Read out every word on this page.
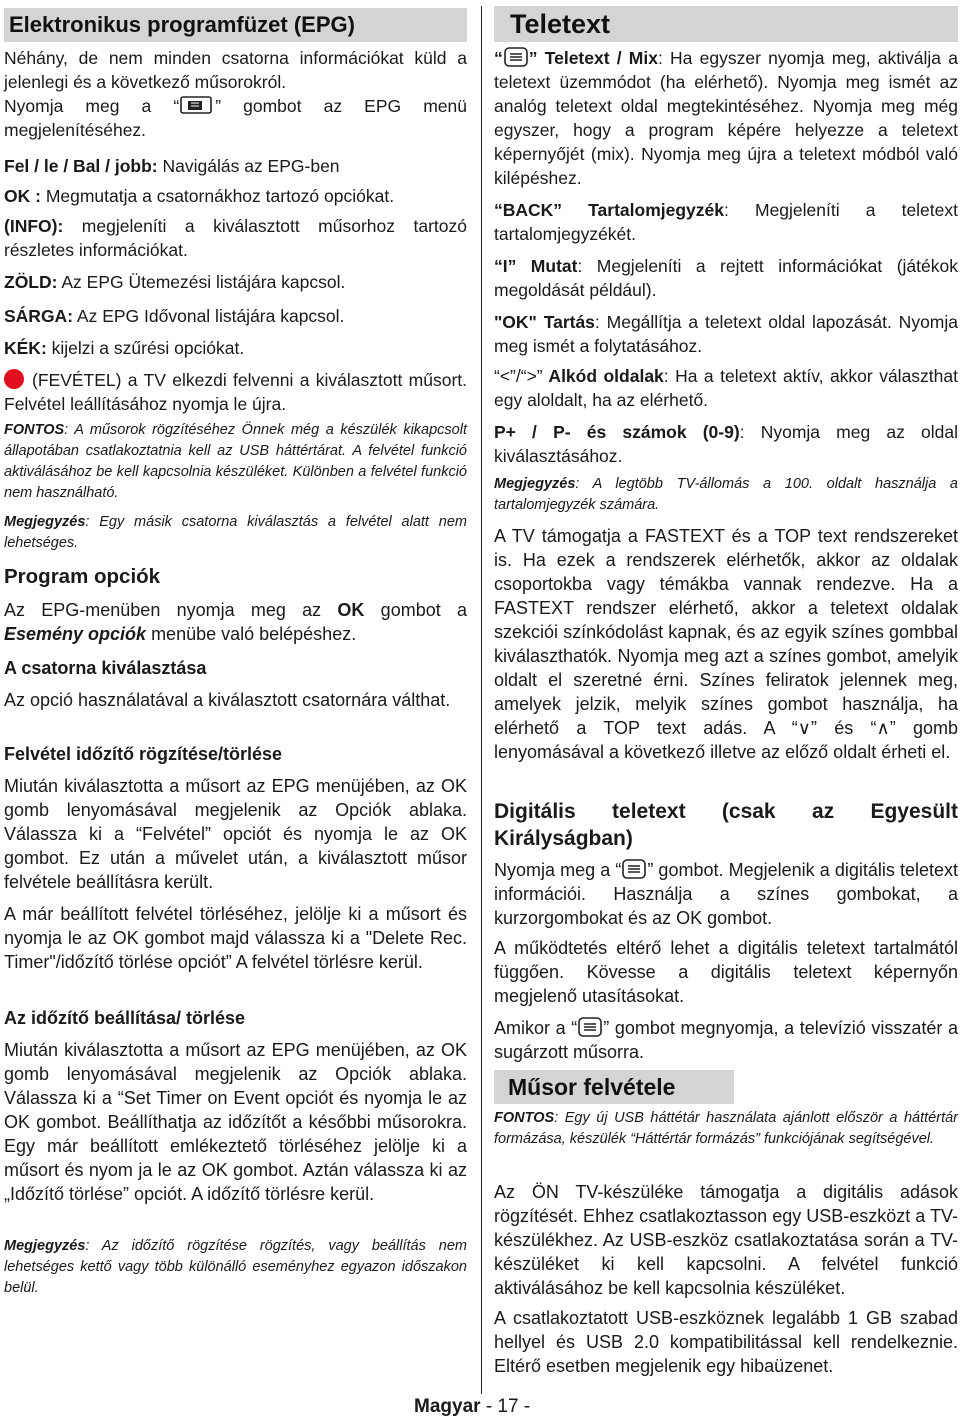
Elektronikus programfüzet (EPG)

Néhány, de nem minden csatorna információkat küld a jelenlegi és a következő műsorokról.

Nyomja meg a “ ” gombot az EPG menü megjelenítéséhez.

Fel / le / Bal / jobb: Navigálás az EPG-ben

OK : Megmutatja a csatornákhoz tartozó opciókat.

(INFO): megjeleníti a kiválasztott műsorhoz tartozó részletes információkat.

ZÖLD: Az EPG Ütemezési listájára kapcsol.

SÁRGA: Az EPG Idővonal listájára kapcsol.

KÉK: kijelzi a szűrési opciókat.

(FEVÉTEL) a TV elkezdi felvenni a kiválasztott műsort. Felvétel leállításához nyomja le újra.

FONTOS: A műsorok rögzítéséhez Önnek még a készülék kikapcsolt állapotában csatlakoztatnia kell az USB háttértárat. A felvétel funkció aktiválásához be kell kapcsolnia készüléket. Különben a felvétel funkció nem használható.

Megjegyzés: Egy másik csatorna kiválasztás a felvétel alatt nem lehetséges.

Program opciók

Az EPG-menüben nyomja meg az OK gombot a Esemény opciók menübe való belépéshez.

A csatorna kiválasztása

Az opció használatával a kiválasztott csatornára válthat.

Felvétel időzítő rögzítése/törlése

Miután kiválasztotta a műsort az EPG menüjében, az OK gomb lenyomásával megjelenik az Opciók ablaka. Válassza ki a “Felvétel” opciót és nyomja le az OK gombot. Ez után a művelet után, a kiválasztott műsor felvétele beállításra került.

A már beállított felvétel törléséhez, jelölje ki a műsort és nyomja le az OK gombot majd válassza ki a "Delete Rec. Timer"/időzítő törlése opciót” A felvétel törlésre kerül.

Az időzítő beállítása/ törlése

Miután kiválasztotta a műsort az EPG menüjében, az OK gomb lenyomásával megjelenik az Opciók ablaka. Válassza ki a “Set Timer on Event opciót és nyomja le az OK gombot. Beállíthatja az időzítőt a későbbi műsorokra. Egy már beállított emlékeztető törléséhez jelölje ki a műsort és nyom ja le az OK gombot. Aztán válassza ki az „Időzítő törlése” opciót. A időzítő törlésre kerül.

Megjegyzés: Az időzítő rögzítése rögzítés, vagy beállítás nem lehetséges kettő vagy több különálló eseményhez egyazon időszakon belül.

Teletext

“ ” Teletext / Mix: Ha egyszer nyomja meg, aktiválja a teletext üzemmódot (ha elérhető). Nyomja meg ismét az analóg teletext oldal megtekintéséhez. Nyomja meg még egyszer, hogy a program képére helyezze a teletext képernyőjét (mix). Nyomja meg újra a teletext módból való kilépéshez.

“BACK” Tartalomjegyzék: Megjeleníti a teletext tartalomjegyzékét.

“I” Mutat: Megjeleníti a rejtett információkat (játékok megoldását például).

"OK" Tartás: Megállítja a teletext oldal lapozását. Nyomja meg ismét a folytatásához.

“<”/“>” Alkód oldalak: Ha a teletext aktív, akkor választhat egy aloldalt, ha az elérhető.

P+ / P- és számok (0-9): Nyomja meg az oldal kiválasztásához.

Megjegyzés: A legtöbb TV-állomás a 100. oldalt használja a tartalomjegyzék számára.

A TV támogatja a FASTEXT és a TOP text rendszereket is. Ha ezek a rendszerek elérhetők, akkor az oldalak csoportokba vagy témákba vannak rendezve. Ha a FASTEXT rendszer elérhető, akkor a teletext oldalak szekciói színkódolást kapnak, és az egyik színes gombbal kiválaszthatók. Nyomja meg azt a színes gombot, amelyik oldalt el szeretné érni. Színes feliratok jelennek meg, amelyek jelzik, melyik színes gombot használja, ha elérhető a TOP text adás. A “∨” és “∧” gomb lenyomásával a következő illetve az előző oldalt érheti el.

Digitális teletext (csak az Egyesült Királyságban)

Nyomja meg a “ ” gombot. Megjelenik a digitális teletext információi. Használja a színes gombokat, a kurzorgombokat és az OK gombot.

A működtetés eltérő lehet a digitális teletext tartalmától függően. Kövesse a digitális teletext képernyőn megjelenő utasításokat.

Amikor a “ ” gombot megnyomja, a televízió visszatér a sugárzott műsorra.

Műsor felvétele

FONTOS: Egy új USB háttétár használata ajánlott először a háttértár formázása, készülék “Háttértár formázás” funkciójának segítségével.

Az ÖN TV-készüléke támogatja a digitális adások rögzítését. Ehhez csatlakoztasson egy USB-eszközt a TV-készülékhez. Az USB-eszköz csatlakoztatása során a TV-készüléket ki kell kapcsolni. A felvétel funkció aktiválásához be kell kapcsolnia készüléket.

A csatlakoztatott USB-eszköznek legalább 1 GB szabad hellyel és USB 2.0 kompatibilitással kell rendelkeznie. Eltérő esetben megjelenik egy hibaüzenet.

Magyar - 17 -
